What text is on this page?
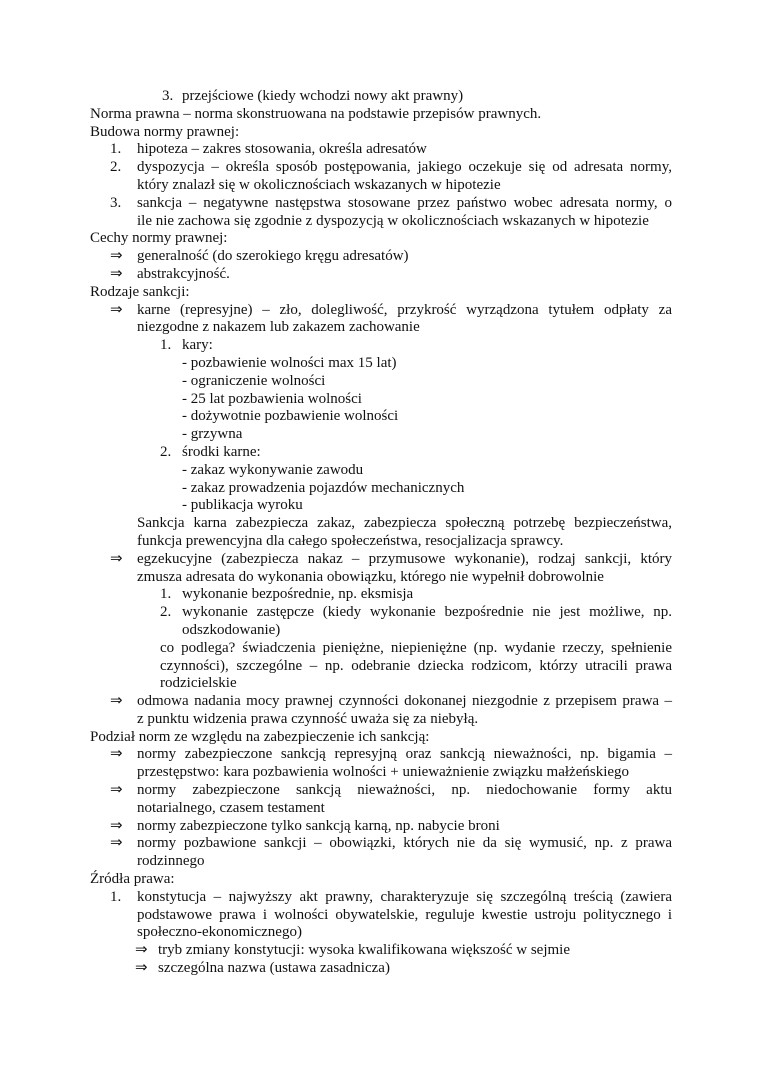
3. przejściowe (kiedy wchodzi nowy akt prawny)
Norma prawna – norma skonstruowana na podstawie przepisów prawnych.
Budowa normy prawnej:
1. hipoteza – zakres stosowania, określa adresatów
2. dyspozycja – określa sposób postępowania, jakiego oczekuje się od adresata normy,
który znalazł się w okolicznościach wskazanych w hipotezie
3. sankcja – negatywne następstwa stosowane przez państwo wobec adresata normy, o
ile nie zachowa się zgodnie z dyspozycją w okolicznościach wskazanych w hipotezie
Cechy normy prawnej:
⇒ generalność (do szerokiego kręgu adresatów)
⇒ abstrakcyjność.
Rodzaje sankcji:
⇒ karne (represyjne) – zło, dolegliwość, przykrość wyrządzona tytułem odpłaty za
niezgodne z nakazem lub zakazem zachowanie
1. kary:
- pozbawienie wolności max 15 lat)
- ograniczenie wolności
- 25 lat pozbawienia wolności
- dożywotnie pozbawienie wolności
- grzywna
2. środki karne:
- zakaz wykonywanie zawodu
- zakaz prowadzenia pojazdów mechanicznych
- publikacja wyroku
Sankcja karna zabezpiecza zakaz, zabezpiecza społeczną potrzebę bezpieczeństwa,
funkcja prewencyjna dla całego społeczeństwa, resocjalizacja sprawcy.
⇒ egzekucyjne (zabezpiecza nakaz – przymusowe wykonanie), rodzaj sankcji, który
zmusza adresata do wykonania obowiązku, którego nie wypełnił dobrowolnie
1. wykonanie bezpośrednie, np. eksmisja
2. wykonanie zastępcze (kiedy wykonanie bezpośrednie nie jest możliwe, np.
odszkodowanie)
co podlega? świadczenia pieniężne, niepieniężne (np. wydanie rzeczy, spełnienie
czynności), szczególne – np. odebranie dziecka rodzicom, którzy utracili prawa
rodzicielskie
⇒ odmowa nadania mocy prawnej czynności dokonanej niezgodnie z przepisem prawa –
z punktu widzenia prawa czynność uważa się za niebyłą.
Podział norm ze względu na zabezpieczenie ich sankcją:
⇒ normy zabezpieczone sankcją represyjną oraz sankcją nieważności, np. bigamia –
przestępstwo: kara pozbawienia wolności + unieważnienie związku małżeńskiego
⇒ normy zabezpieczone sankcją nieważności, np. niedochowanie formy aktu
notarialnego, czasem testament
⇒ normy zabezpieczone tylko sankcją karną, np. nabycie broni
⇒ normy pozbawione sankcji – obowiązki, których nie da się wymusić, np. z prawa
rodzinnego
Źródła prawa:
1. konstytucja – najwyższy akt prawny, charakteryzuje się szczególną treścią (zawiera
podstawowe prawa i wolności obywatelskie, reguluje kwestie ustroju politycznego i
społeczno-ekonomicznego)
⇒ tryb zmiany konstytucji: wysoka kwalifikowana większość w sejmie
⇒ szczególna nazwa (ustawa zasadnicza)
